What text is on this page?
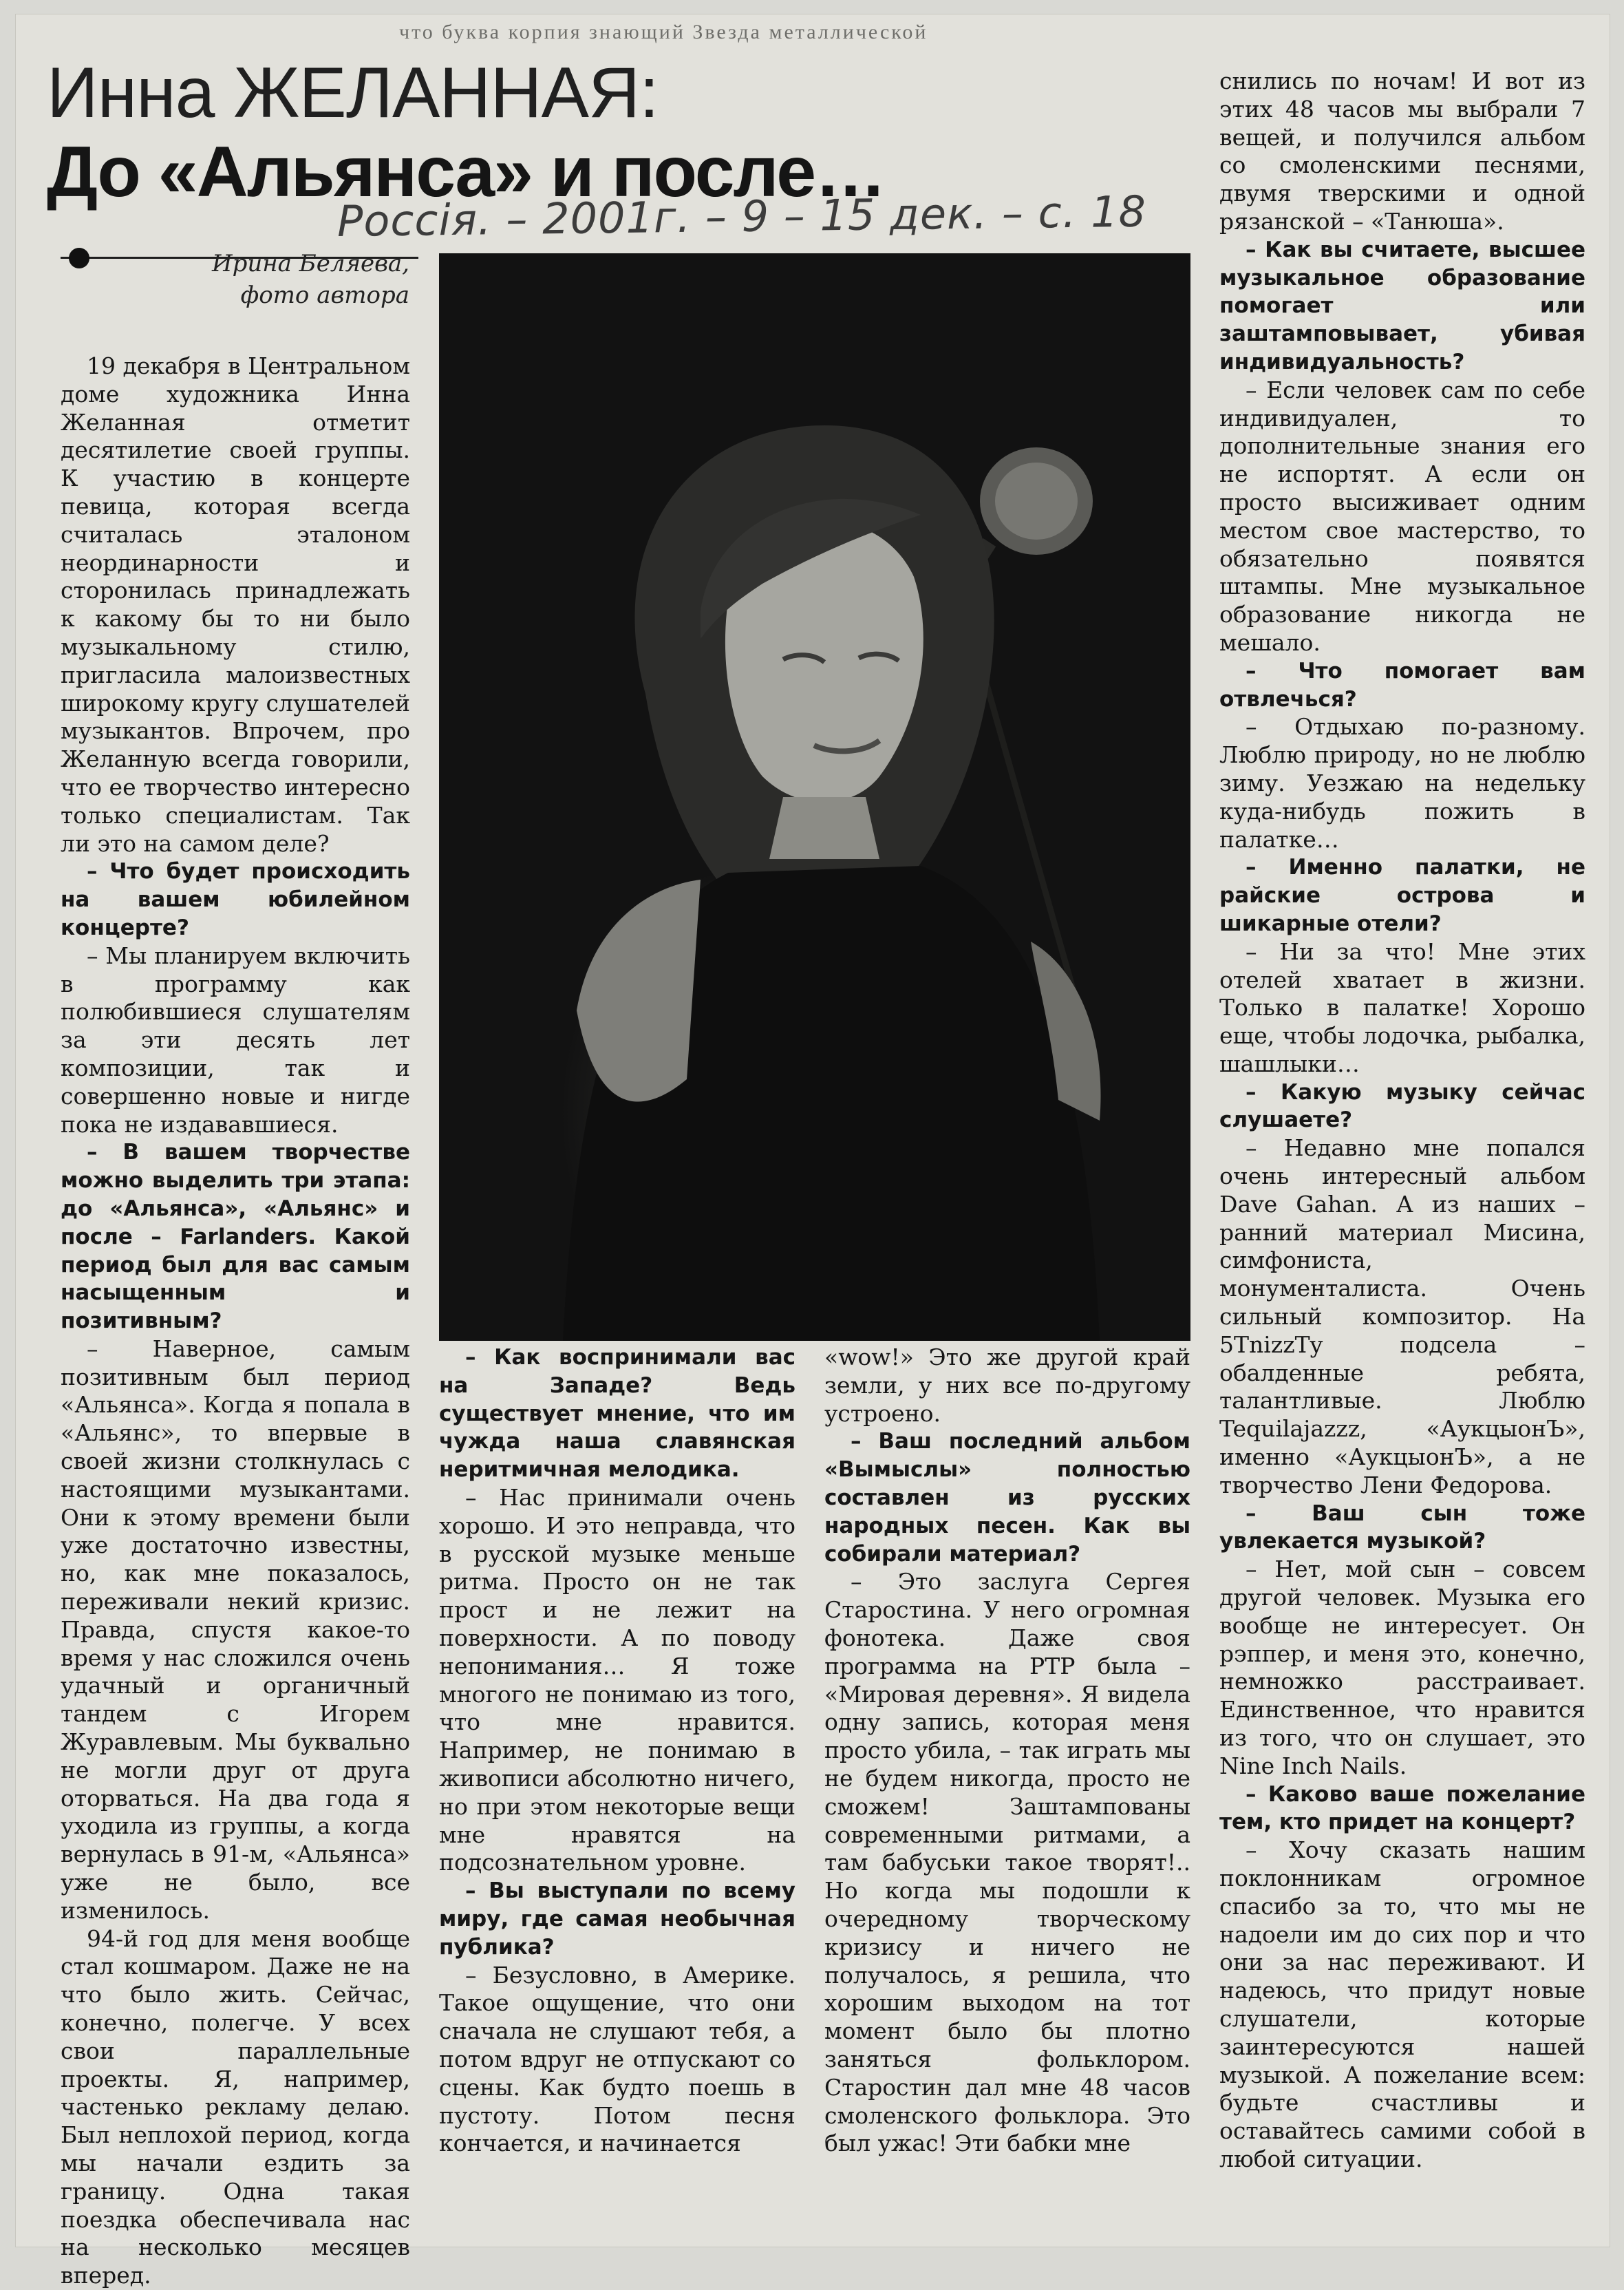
что буква корпия знающий Звезда металлической
Инна ЖЕЛАННАЯ:
До «Альянса» и после…
Россія. – 2001г. – 9 – 15 дек. – с. 18
Ирина Беляева,
фото автора

19 декабря в Центральном доме художника Инна Желанная отметит десятилетие своей группы. К участию в концерте певица, которая всегда считалась эталоном неординарности и сторонилась принадлежать к какому бы то ни было музыкальному стилю, пригласила малоизвестных широкому кругу слушателей музыкантов. Впрочем, про Желанную всегда говорили, что ее творчество интересно только специалистам. Так ли это на самом деле?

– Что будет происходить на вашем юбилейном концерте?

– Мы планируем включить в программу как полюбившиеся слушателям за эти десять лет композиции, так и совершенно новые и нигде пока не издававшиеся.

– В вашем творчестве можно выделить три этапа: до «Альянса», «Альянс» и после – Farlanders. Какой период был для вас самым насыщенным и позитивным?

– Наверное, самым позитивным был период «Альянса». Когда я попала в «Альянс», то впервые в своей жизни столкнулась с настоящими музыкантами. Они к этому времени были уже достаточно известны, но, как мне показалось, переживали некий кризис. Правда, спустя какое-то время у нас сложился очень удачный и органичный тандем с Игорем Журавлевым. Мы буквально не могли друг от друга оторваться. На два года я уходила из группы, а когда вернулась в 91-м, «Альянса» уже не было, все изменилось.

94-й год для меня вообще стал кошмаром. Даже не на что было жить. Сейчас, конечно, полегче. У всех свои параллельные проекты. Я, например, частенько рекламу делаю. Был неплохой период, когда мы начали ездить за границу. Одна такая поездка обеспечивала нас на несколько месяцев вперед.

– Как воспринимали вас на Западе? Ведь существует мнение, что им чужда наша славянская неритмичная мелодика.

– Нас принимали очень хорошо. И это неправда, что в русской музыке меньше ритма. Просто он не так прост и не лежит на поверхности. А по поводу непонимания… Я тоже многого не понимаю из того, что мне нравится. Например, не понимаю в живописи абсолютно ничего, но при этом некоторые вещи мне нравятся на подсознательном уровне.

– Вы выступали по всему миру, где самая необычная публика?

– Безусловно, в Америке. Такое ощущение, что они сначала не слушают тебя, а потом вдруг не отпускают со сцены. Как будто поешь в пустоту. Потом песня кончается, и начинается

«wow!» Это же другой край земли, у них все по-другому устроено.

– Ваш последний альбом «Вымыслы» полностью составлен из русских народных песен. Как вы собирали материал?

– Это заслуга Сергея Старостина. У него огромная фонотека. Даже своя программа на РТР была – «Мировая деревня». Я видела одну запись, которая меня просто убила, – так играть мы не будем никогда, просто не сможем! Заштампованы современными ритмами, а там бабуськи такое творят!.. Но когда мы подошли к очередному творческому кризису и ничего не получалось, я решила, что хорошим выходом на тот момент было бы плотно заняться фольклором. Старостин дал мне 48 часов смоленского фольклора. Это был ужас! Эти бабки мне

снились по ночам! И вот из этих 48 часов мы выбрали 7 вещей, и получился альбом со смоленскими песнями, двумя тверскими и одной рязанской – «Танюша».

– Как вы считаете, высшее музыкальное образование помогает или заштамповывает, убивая индивидуальность?

– Если человек сам по себе индивидуален, то дополнительные знания его не испортят. А если он просто высиживает одним местом свое мастерство, то обязательно появятся штампы. Мне музыкальное образование никогда не мешало.

– Что помогает вам отвлечься?

– Отдыхаю по-разному. Люблю природу, но не люблю зиму. Уезжаю на недельку куда-нибудь пожить в палатке…

– Именно палатки, не райские острова и шикарные отели?

– Ни за что! Мне этих отелей хватает в жизни. Только в палатке! Хорошо еще, чтобы лодочка, рыбалка, шашлыки…

– Какую музыку сейчас слушаете?

– Недавно мне попался очень интересный альбом Dave Gahan. А из наших – ранний материал Мисина, симфониста, монументалиста. Очень сильный композитор. На 5TnizzTy подсела – обалденные ребята, талантливые. Люблю Tequilajazzz, «АукцыонЪ», именно «АукцыонЪ», а не творчество Лени Федорова.

– Ваш сын тоже увлекается музыкой?

– Нет, мой сын – совсем другой человек. Музыка его вообще не интересует. Он рэппер, и меня это, конечно, немножко расстраивает. Единственное, что нравится из того, что он слушает, это Nine Inch Nails.

– Каково ваше пожелание тем, кто придет на концерт?

– Хочу сказать нашим поклонникам огромное спасибо за то, что мы не надоели им до сих пор и что они за нас переживают. И надеюсь, что придут новые слушатели, которые заинтересуются нашей музыкой. А пожелание всем: будьте счастливы и оставайтесь самими собой в любой ситуации.
